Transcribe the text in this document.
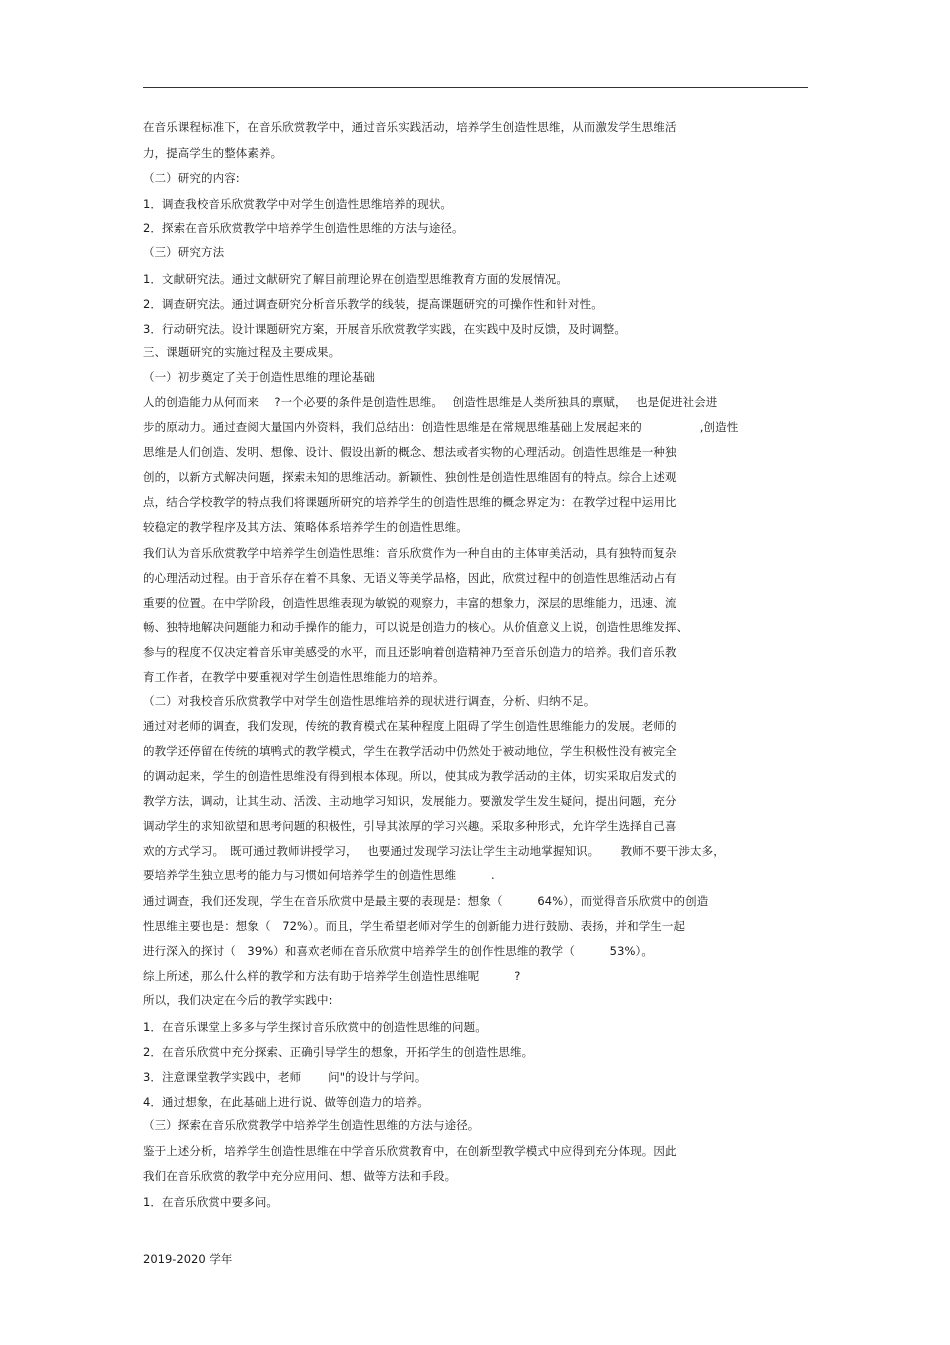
在音乐课程标准下，在音乐欣赏教学中，通过音乐实践活动，培养学生创造性思维，从而激发学生思维活
力，提高学生的整体素养。
（二）研究的内容:
1．调查我校音乐欣赏教学中对学生创造性思维培养的现状。
2．探索在音乐欣赏教学中培养学生创造性思维的方法与途径。
（三）研究方法
1．文献研究法。通过文献研究了解目前理论界在创造型思维教育方面的发展情况。
2．调查研究法。通过调查研究分析音乐教学的线装，提高课题研究的可操作性和针对性。
3．行动研究法。设计课题研究方案，开展音乐欣赏教学实践，在实践中及时反馈，及时调整。
三、课题研究的实施过程及主要成果。
（一）初步奠定了关于创造性思维的理论基础
人的创造能力从何而来　 ?一个必要的条件是创造性思维。　 创造性思维是人类所独具的禀赋，　 也是促进社会进
步的原动力。通过查阅大量国内外资料，我们总结出：创造性思维是在常规思维基础上发展起来的　　　　　,创造性
思维是人们创造、发明、想像、设计、假设出新的概念、想法或者实物的心理活动。创造性思维是一种独
创的，以新方式解决问题，探索未知的思维活动。新颖性、独创性是创造性思维固有的特点。综合上述观
点，结合学校教学的特点我们将课题所研究的培养学生的创造性思维的概念界定为：在教学过程中运用比
较稳定的教学程序及其方法、策略体系培养学生的创造性思维。
我们认为音乐欣赏教学中培养学生创造性思维：音乐欣赏作为一种自由的主体审美活动，具有独特而复杂
的心理活动过程。由于音乐存在着不具象、无语义等美学品格，因此，欣赏过程中的创造性思维活动占有
重要的位置。在中学阶段，创造性思维表现为敏锐的观察力，丰富的想象力，深层的思维能力，迅速、流
畅、独特地解决问题能力和动手操作的能力，可以说是创造力的核心。从价值意义上说，创造性思维发挥、
参与的程度不仅决定着音乐审美感受的水平，而且还影响着创造精神乃至音乐创造力的培养。我们音乐教
育工作者，在教学中要重视对学生创造性思维能力的培养。
（二）对我校音乐欣赏教学中对学生创造性思维培养的现状进行调查，分析、归纳不足。
通过对老师的调查，我们发现，传统的教育模式在某种程度上阻碍了学生创造性思维能力的发展。老师的
的教学还停留在传统的填鸭式的教学模式，学生在教学活动中仍然处于被动地位，学生积极性没有被完全
的调动起来，学生的创造性思维没有得到根本体现。所以，使其成为教学活动的主体，切实采取启发式的
教学方法，调动，让其生动、活泼、主动地学习知识，发展能力。要激发学生发生疑问，提出问题，充分
调动学生的求知欲望和思考问题的积极性，引导其浓厚的学习兴趣。采取多种形式，允许学生选择自己喜
欢的方式学习。　既可通过教师讲授学习，　 也要通过发现学习法让学生主动地掌握知识。　　 教师不要干涉太多，
要培养学生独立思考的能力与习惯如何培养学生的创造性思维　　　.
通过调查，我们还发现，学生在音乐欣赏中是最主要的表现是：想象（　　　64%），而觉得音乐欣赏中的创造
性思维主要也是：想象（　72%）。而且，学生希望老师对学生的创新能力进行鼓励、表扬，并和学生一起
进行深入的探讨（　39%）和喜欢老师在音乐欣赏中培养学生的创作性思维的教学（　　　53%）。
综上所述，那么什么样的教学和方法有助于培养学生创造性思维呢　　　?
所以，我们决定在今后的教学实践中:
1．在音乐课堂上多多与学生探讨音乐欣赏中的创造性思维的问题。
2．在音乐欣赏中充分探索、正确引导学生的想象，开拓学生的创造性思维。
3．注意课堂教学实践中，老师　　 问"的设计与学问。
4．通过想象，在此基础上进行说、做等创造力的培养。
（三）探索在音乐欣赏教学中培养学生创造性思维的方法与途径。
鉴于上述分析，培养学生创造性思维在中学音乐欣赏教育中，在创新型教学模式中应得到充分体现。因此
我们在音乐欣赏的教学中充分应用问、想、做等方法和手段。
1．在音乐欣赏中要多问。
2019-2020 学年
